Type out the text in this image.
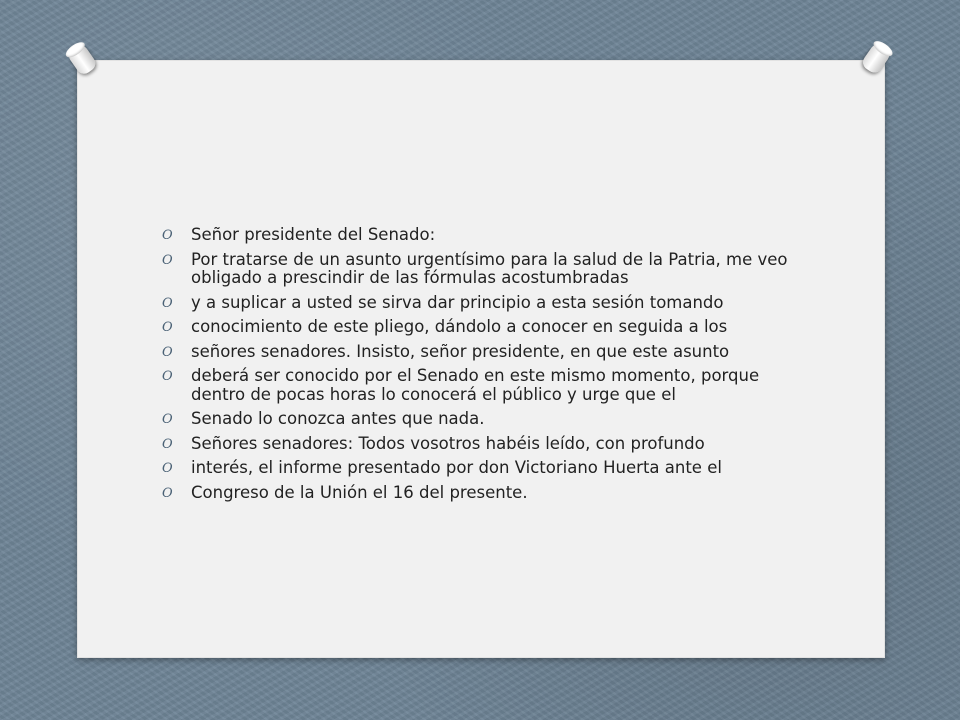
O Señor presidente del Senado:
O Por tratarse de un asunto urgentísimo para la salud de la Patria, me veo obligado a prescindir de las fórmulas acostumbradas
O y a suplicar a usted se sirva dar principio a esta sesión tomando
O conocimiento de este pliego, dándolo a conocer en seguida a los
O señores senadores. Insisto, señor presidente, en que este asunto
O deberá ser conocido por el Senado en este mismo momento, porque dentro de pocas horas lo conocerá el público y urge que el
O Senado lo conozca antes que nada.
O Señores senadores: Todos vosotros habéis leído, con profundo
O interés, el informe presentado por don Victoriano Huerta ante el
O Congreso de la Unión el 16 del presente.
